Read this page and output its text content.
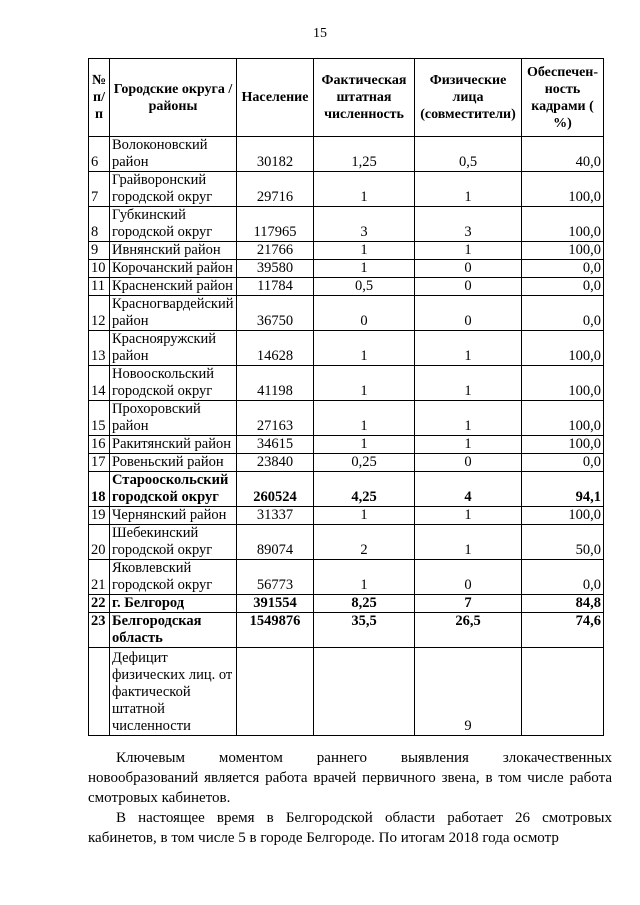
15
№ п/ п	Городские округа /районы	Население	Фактическая штатная численность	Физические лица (совместители)	Обеспечен-ность кадрами ( %)
6	Волоконовский район	30182	1,25	0,5	40,0
7	Грайворонский городской округ	29716	1	1	100,0
8	Губкинский городской округ	117965	3	3	100,0
9	Ивнянский район	21766	1	1	100,0
10	Корочанский район	39580	1	0	0,0
11	Красненский район	11784	0,5	0	0,0
12	Красногвардейский район	36750	0	0	0,0
13	Краснояружский район	14628	1	1	100,0
14	Новооскольский городской округ	41198	1	1	100,0
15	Прохоровский район	27163	1	1	100,0
16	Ракитянский район	34615	1	1	100,0
17	Ровеньский район	23840	0,25	0	0,0
18	Старооскольский городской округ	260524	4,25	4	94,1
19	Чернянский район	31337	1	1	100,0
20	Шебекинский городской округ	89074	2	1	50,0
21	Яковлевский городской округ	56773	1	0	0,0
22	г. Белгород	391554	8,25	7	84,8
23	Белгородская область	1549876	35,5	26,5	74,6
	Дефицит физических лиц. от фактической штатной численности			9	
Ключевым моментом раннего выявления злокачественных
новообразований является работа врачей первичного звена, в том числе работа смотровых кабинетов.
В настоящее время в Белгородской области работает 26 смотровых кабинетов, в том числе 5 в городе Белгороде. По итогам 2018 года осмотр
